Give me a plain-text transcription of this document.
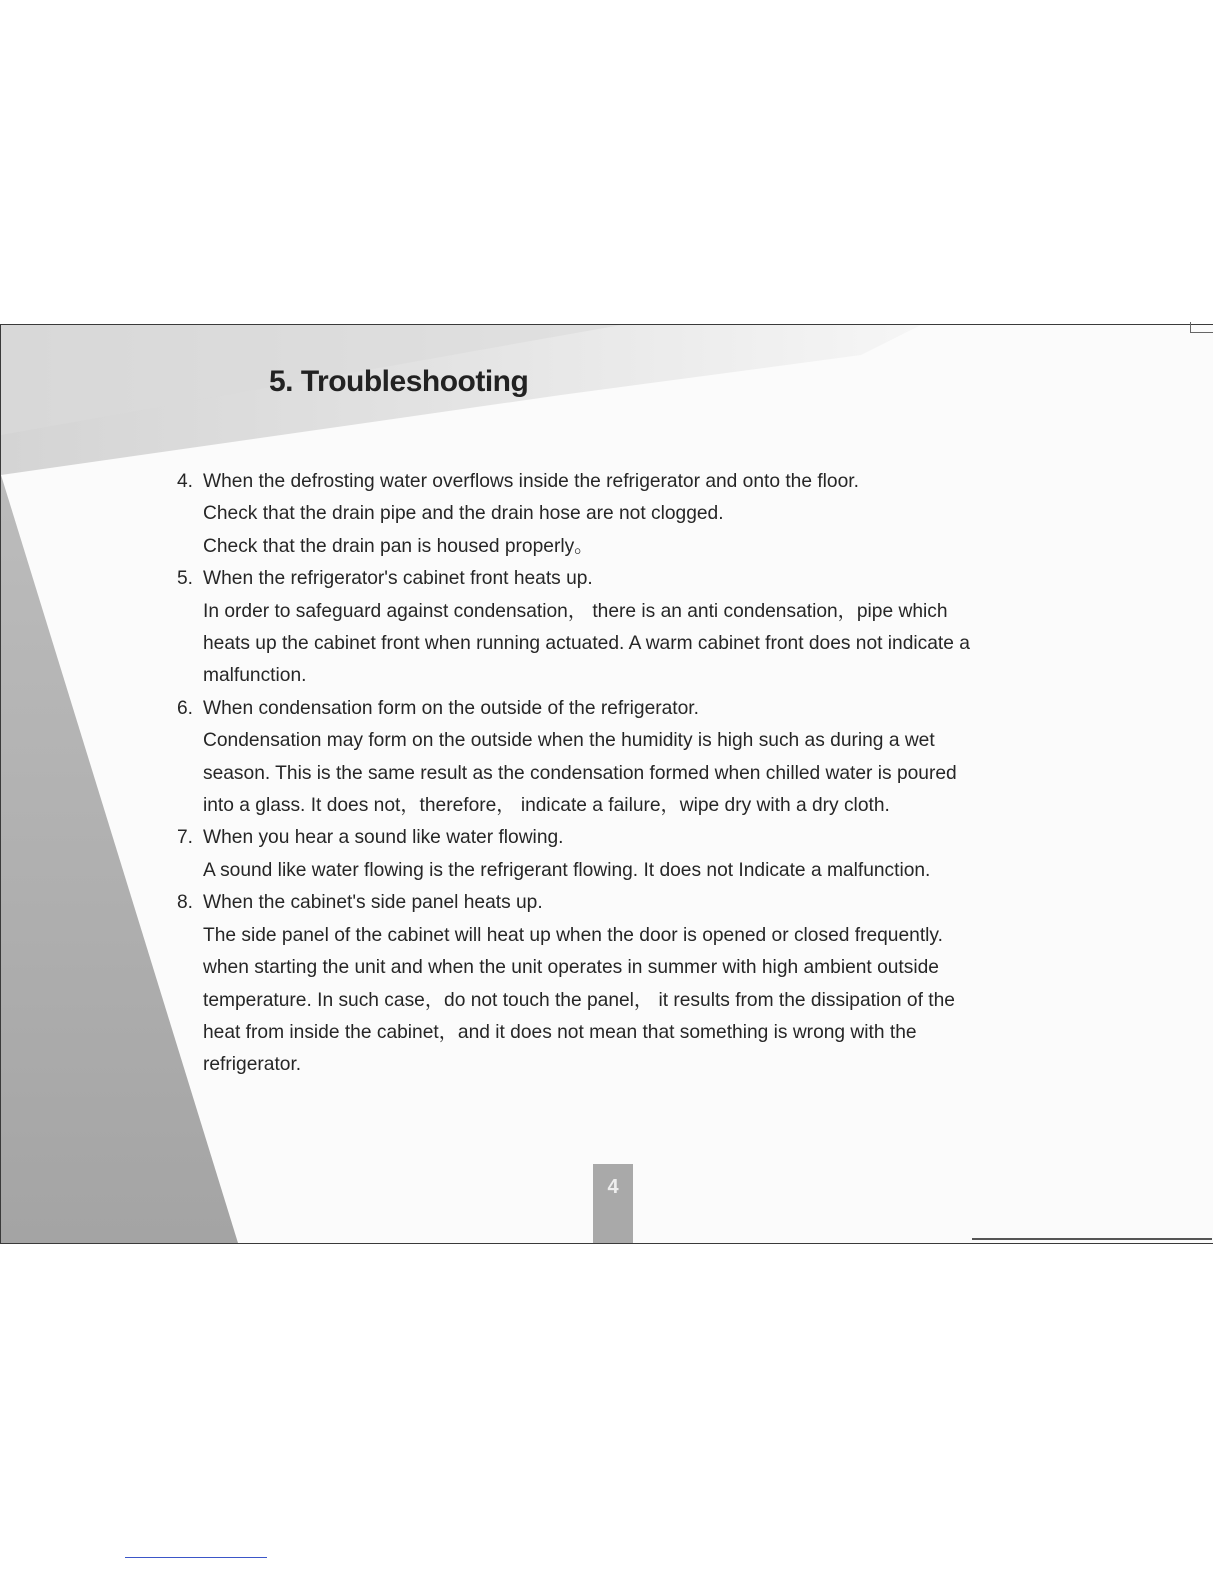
5. Troubleshooting
4. When the defrosting water overflows inside the refrigerator and onto the floor.
Check that the drain pipe and the drain hose are not clogged.
Check that the drain pan is housed properly。
5. When the refrigerator's cabinet front heats up.
In order to safeguard against condensation， there is an anti condensation，pipe which
heats up the cabinet front when running actuated. A warm cabinet front does not indicate a
malfunction.
6. When condensation form on the outside of the refrigerator.
Condensation may form on the outside when the humidity is high such as during a wet
season. This is the same result as the condensation formed when chilled water is poured
into a glass. It does not，therefore， indicate a failure，wipe dry with a dry cloth.
7. When you hear a sound like water flowing.
A sound like water flowing is the refrigerant flowing. It does not Indicate a malfunction.
8. When the cabinet's side panel heats up.
The side panel of the cabinet will heat up when the door is opened or closed frequently.
when starting the unit and when the unit operates in summer with high ambient outside
temperature. In such case，do not touch the panel， it results from the dissipation of the
heat from inside the cabinet，and it does not mean that something is wrong with the
refrigerator.
4
